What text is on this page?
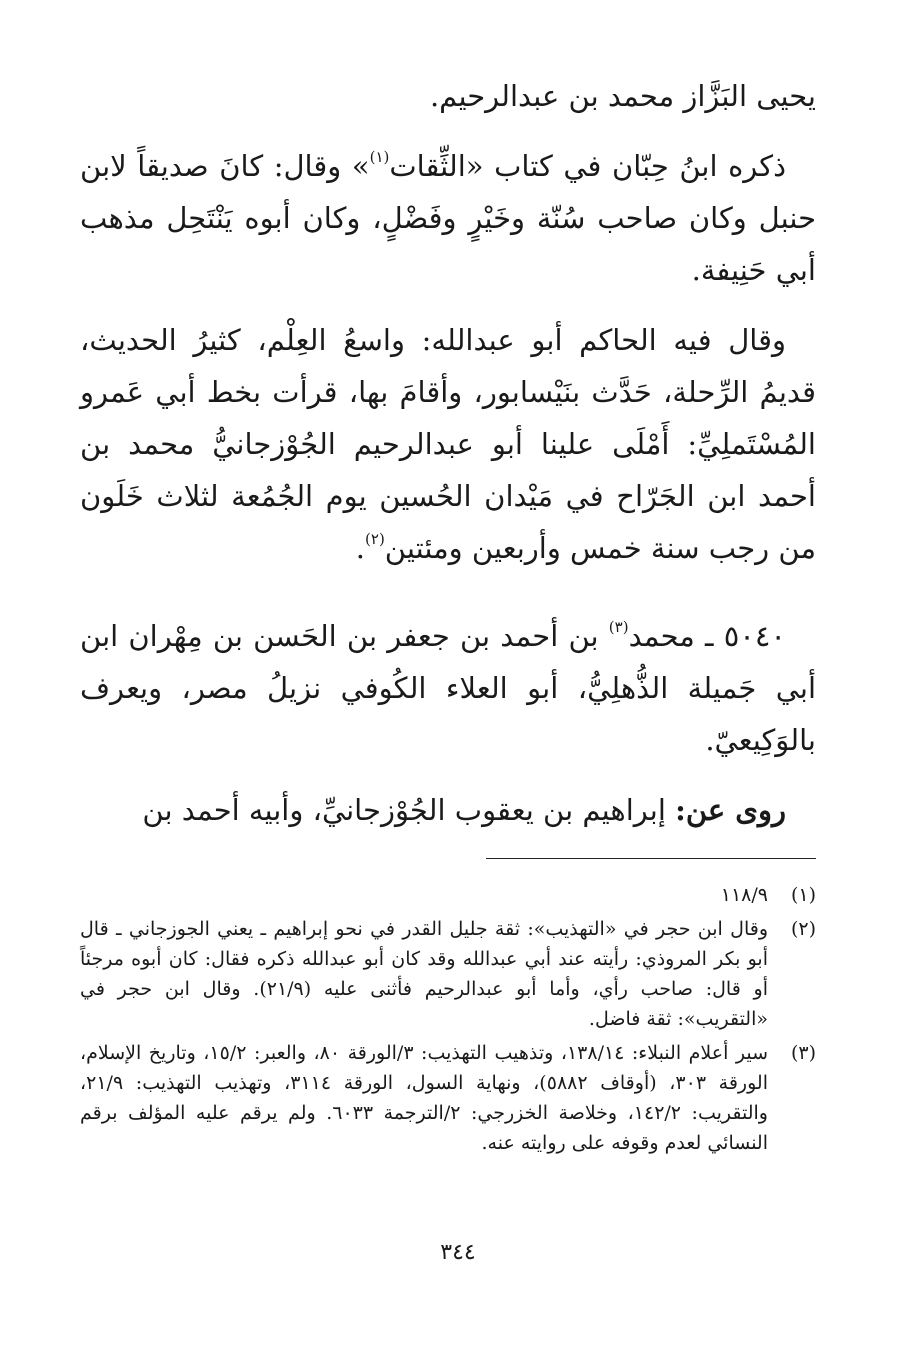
يحيى البَزَّاز محمد بن عبدالرحيم.

ذكره ابنُ حِبّان في كتاب «الثِّقات$^{(١)}$» وقال: كانَ صديقاً لابن حنبل وكان صاحب سُنّة وخَيْرٍ وفَضْلٍ، وكان أبوه يَنْتَحِل مذهب أبي حَنِيفة.

وقال فيه الحاكم أبو عبدالله: واسعُ العِلْم، كثيرُ الحديث، قديمُ الرِّحلة، حَدَّث بنَيْسابور، وأقامَ بها، قرأت بخط أبي عَمرو المُسْتَملِيِّ: أَمْلَى علينا أبو عبدالرحيم الجُوْزجانيُّ محمد بن أحمد ابن الجَرّاح في مَيْدان الحُسين يوم الجُمُعة لثلاث خَلَون من رجب سنة خمس وأربعين ومئتين$^{(٢)}$.

٥٠٤٠ ـ محمد$^{(٣)}$ بن أحمد بن جعفر بن الحَسن بن مِهْران ابن أبي جَميلة الذُّهلِيُّ، أبو العلاء الكُوفي نزيلُ مصر، ويعرف بالوَكِيعيّ.

روى عن: إبراهيم بن يعقوب الجُوْزجانيِّ، وأبيه أحمد بن

(١)
١١٨/٩
(٢)
وقال ابن حجر في «التهذيب»: ثقة جليل القدر في نحو إبراهيم ـ يعني الجوزجاني ـ قال أبو بكر المروذي: رأيته عند أبي عبدالله وقد كان أبو عبدالله ذكره فقال: كان أبوه مرجئاً أو قال: صاحب رأي، وأما أبو عبدالرحيم فأثنى عليه (٢١/٩). وقال ابن حجر في «التقريب»: ثقة فاضل.
(٣)
سير أعلام النبلاء: ١٣٨/١٤، وتذهيب التهذيب: ٣/الورقة ٨٠، والعبر: ١٥/٢، وتاريخ الإسلام، الورقة ٣٠٣، (أوقاف ٥٨٨٢)، ونهاية السول، الورقة ٣١١٤، وتهذيب التهذيب: ٢١/٩، والتقريب: ١٤٢/٢، وخلاصة الخزرجي: ٢/الترجمة ٦٠٣٣. ولم يرقم عليه المؤلف برقم النسائي لعدم وقوفه على روايته عنه.
٣٤٤
